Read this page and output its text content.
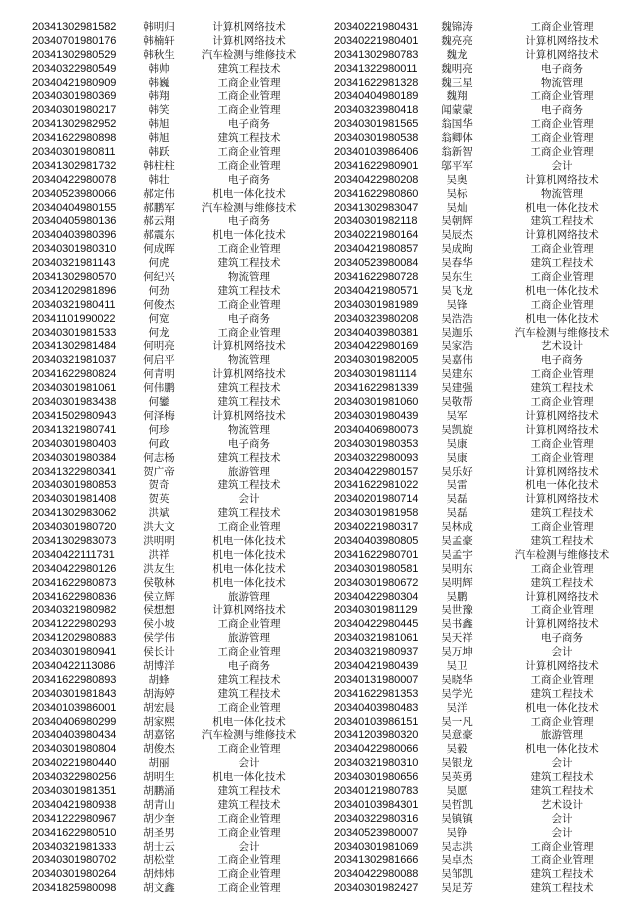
20341302981582	韩明归	计算机网络技术
20340701980176	韩楠轩	计算机网络技术
20341302980529	韩秋生	汽车检测与维修技术
20340322980549	韩帅	建筑工程技术
20340421980909	韩巍	工商企业管理
20340301980369	韩翔	工商企业管理
20340301980217	韩笑	工商企业管理
20341302982952	韩旭	电子商务
20341622980898	韩旭	建筑工程技术
20340301980811	韩跃	工商企业管理
20341302981732	韩柱柱	工商企业管理
20340422980078	韩壮	电子商务
20340523980066	郝定伟	机电一体化技术
20340404980155	郝鹏军	汽车检测与维修技术
20340405980136	郝云翔	电子商务
20340403980396	郝震东	机电一体化技术
20340301980310	何成晖	工商企业管理
20340321981143	何虎	建筑工程技术
20341302980570	何纪兴	物流管理
20341202981896	何劲	建筑工程技术
20340321980411	何俊杰	工商企业管理
20341101990022	何宽	电子商务
20340301981533	何龙	工商企业管理
20341302981484	何明亮	计算机网络技术
20340321981037	何启平	物流管理
20341622980824	何青明	计算机网络技术
20340301981061	何伟鹏	建筑工程技术
20340301983438	何鑾	建筑工程技术
20341502980943	何泽梅	计算机网络技术
20341321980741	何珍	物流管理
20340301980403	何政	电子商务
20340301980384	何志杨	建筑工程技术
20341322980341	贺广帝	旅游管理
20340301980853	贺奇	建筑工程技术
20340301981408	贺英	会计
20341302983062	洪斌	建筑工程技术
20340301980720	洪大文	工商企业管理
20341302983073	洪明明	机电一体化技术
20340422111731	洪祥	机电一体化技术
20340422980126	洪友生	机电一体化技术
20341622980873	侯敬林	机电一体化技术
20341622980836	侯立辉	旅游管理
20340321980982	侯想想	计算机网络技术
20341222980293	侯小坡	工商企业管理
20341202980883	侯学伟	旅游管理
20340301980941	侯长计	工商企业管理
20340422113086	胡博洋	电子商务
20341622980893	胡蜂	建筑工程技术
20340301981843	胡海婷	建筑工程技术
20340103986001	胡宏晨	工商企业管理
20340406980299	胡家熙	机电一体化技术
20340403980434	胡嘉铭	汽车检测与维修技术
20340301980804	胡俊杰	工商企业管理
20340221980440	胡丽	会计
20340322980256	胡明生	机电一体化技术
20340301981351	胡鹏涌	建筑工程技术
20340421980938	胡青山	建筑工程技术
20341222980967	胡少奎	工商企业管理
20341622980510	胡圣男	工商企业管理
20340321981333	胡士云	会计
20340301980702	胡松堂	工商企业管理
20340301980264	胡炜炜	工商企业管理
20341825980098	胡文鑫	工商企业管理
20340221980431	魏锦涛	工商企业管理
20340221980401	魏亮亮	计算机网络技术
20341302980783	魏龙	计算机网络技术
20341322980011	魏明亮	电子商务
20341622981328	魏三星	物流管理
20340404980189	魏翔	工商企业管理
20340323980418	闻蒙蒙	电子商务
20340301981565	翁国华	工商企业管理
20340301980538	翁卿体	工商企业管理
20340103986406	翁新智	工商企业管理
20341622980901	邬平军	会计
20340422980208	吴奥	计算机网络技术
20341622980860	吴标	物流管理
20341302983047	吴灿	机电一体化技术
20340301982118	吴朝辉	建筑工程技术
20340221980164	吴辰杰	计算机网络技术
20340421980857	吴成昫	工商企业管理
20340523980084	吴春华	建筑工程技术
20341622980728	吴东生	工商企业管理
20340421980571	吴飞龙	机电一体化技术
20340301981989	吴锋	工商企业管理
20340323980208	吴浩浩	机电一体化技术
20340403980381	吴迦乐	汽车检测与维修技术
20340422980169	吴家浩	艺术设计
20340301982005	吴嘉伟	电子商务
20340301981114	吴建东	工商企业管理
20341622981339	吴建强	建筑工程技术
20340301981060	吴敬帮	工商企业管理
20340301980439	吴军	计算机网络技术
20340406980073	吴凯旋	计算机网络技术
20340301980353	吴康	工商企业管理
20340322980093	吴康	工商企业管理
20340422980157	吴乐好	计算机网络技术
20341622981022	吴雷	机电一体化技术
20340201980714	吴磊	计算机网络技术
20340301981958	吴磊	建筑工程技术
20340221980317	吴林成	工商企业管理
20340403980805	吴孟豪	建筑工程技术
20341622980701	吴孟宇	汽车检测与维修技术
20340301980581	吴明东	工商企业管理
20340301980672	吴明辉	建筑工程技术
20340422980304	吴鹏	计算机网络技术
20340301981129	吴世豫	工商企业管理
20340422980445	吴书鑫	计算机网络技术
20340321981061	吴天祥	电子商务
20340321980937	吴万坤	会计
20340421980439	吴卫	计算机网络技术
20340131980007	吴晓华	工商企业管理
20341622981353	吴学光	建筑工程技术
20340403980483	吴洋	机电一体化技术
20340103986151	吴一凡	工商企业管理
20341203980320	吴意豪	旅游管理
20340422980066	吴毅	机电一体化技术
20340321980310	吴银龙	会计
20340301980656	吴英勇	建筑工程技术
20340121980783	吴愿	建筑工程技术
20340103984301	吴哲凯	艺术设计
20340322980316	吴镇镇	会计
20340523980007	吴铮	会计
20340301981069	吴志洪	工商企业管理
20341302981666	吴卓杰	工商企业管理
20340422980088	吴邹凯	建筑工程技术
20340301982427	吴足芳	建筑工程技术
